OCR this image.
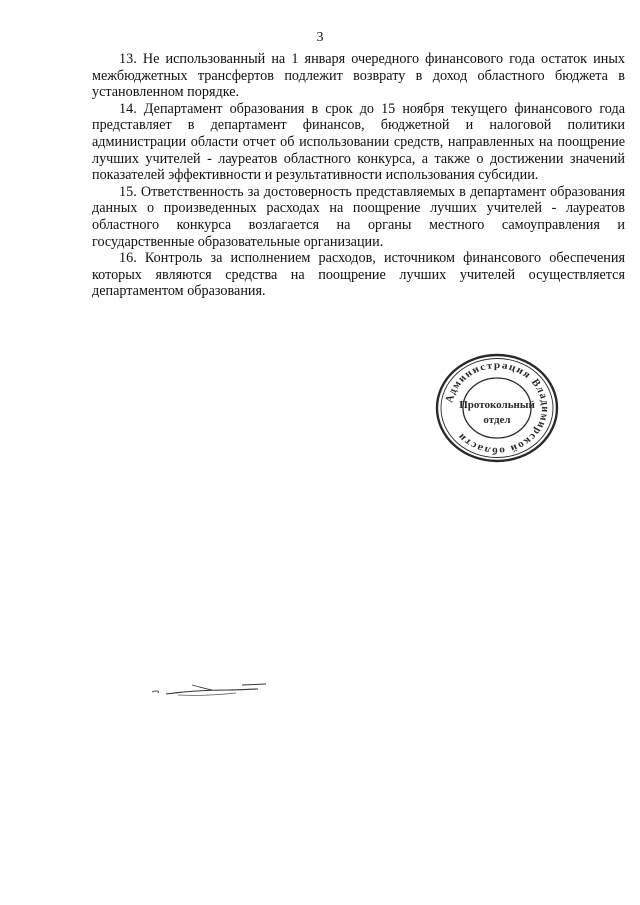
3

13. Не использованный на 1 января очередного финансового года остаток иных межбюджетных трансфертов подлежит возврату в доход областного бюджета в установленном порядке.

14. Департамент образования в срок до 15 ноября текущего финансового года представляет в департамент финансов, бюджетной и налоговой политики администрации области отчет об использовании средств, направленных на поощрение лучших учителей - лауреатов областного конкурса, а также о достижении значений показателей эффективности и результативности использования субсидии.

15. Ответственность за достоверность представляемых в департамент образования данных о произведенных расходах на поощрение лучших учителей - лауреатов областного конкурса возлагается на органы местного самоуправления и государственные образовательные организации.

16. Контроль за исполнением расходов, источником финансового обеспечения которых являются средства на поощрение лучших учителей осуществляется департаментом образования.

Администрация Владимирской области
Протокольный
отдел
